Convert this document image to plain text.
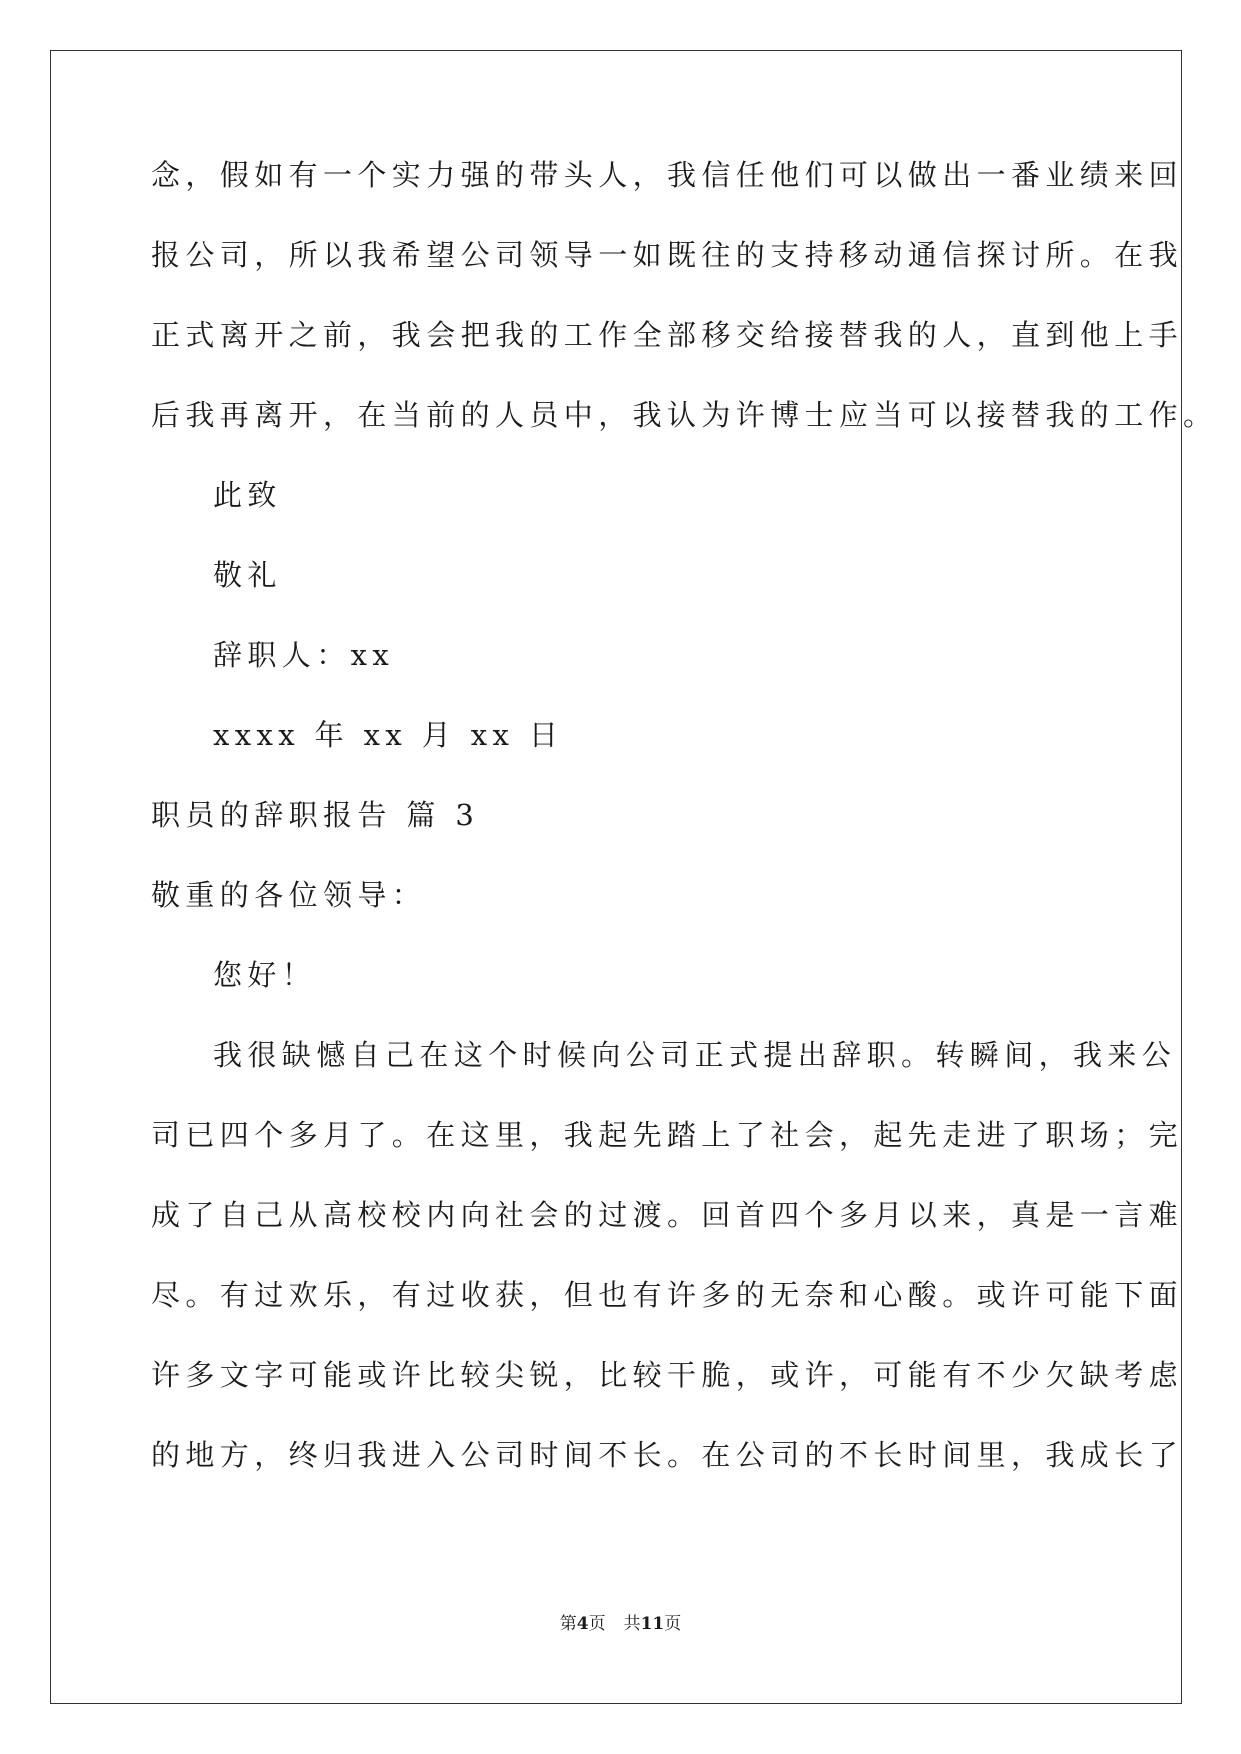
念，假如有一个实力强的带头人，我信任他们可以做出一番业绩来回
报公司，所以我希望公司领导一如既往的支持移动通信探讨所。在我
正式离开之前，我会把我的工作全部移交给接替我的人，直到他上手
后我再离开，在当前的人员中，我认为许博士应当可以接替我的工作。
此致
敬礼
辞职人：xx
xxxx 年 xx 月 xx 日
职员的辞职报告 篇 3
敬重的各位领导：
您好！
我很缺憾自己在这个时候向公司正式提出辞职。转瞬间，我来公
司已四个多月了。在这里，我起先踏上了社会，起先走进了职场；完
成了自己从高校校内向社会的过渡。回首四个多月以来，真是一言难
尽。有过欢乐，有过收获，但也有许多的无奈和心酸。或许可能下面
许多文字可能或许比较尖锐，比较干脆，或许，可能有不少欠缺考虑
的地方，终归我进入公司时间不长。在公司的不长时间里，我成长了
第4页 共11页
